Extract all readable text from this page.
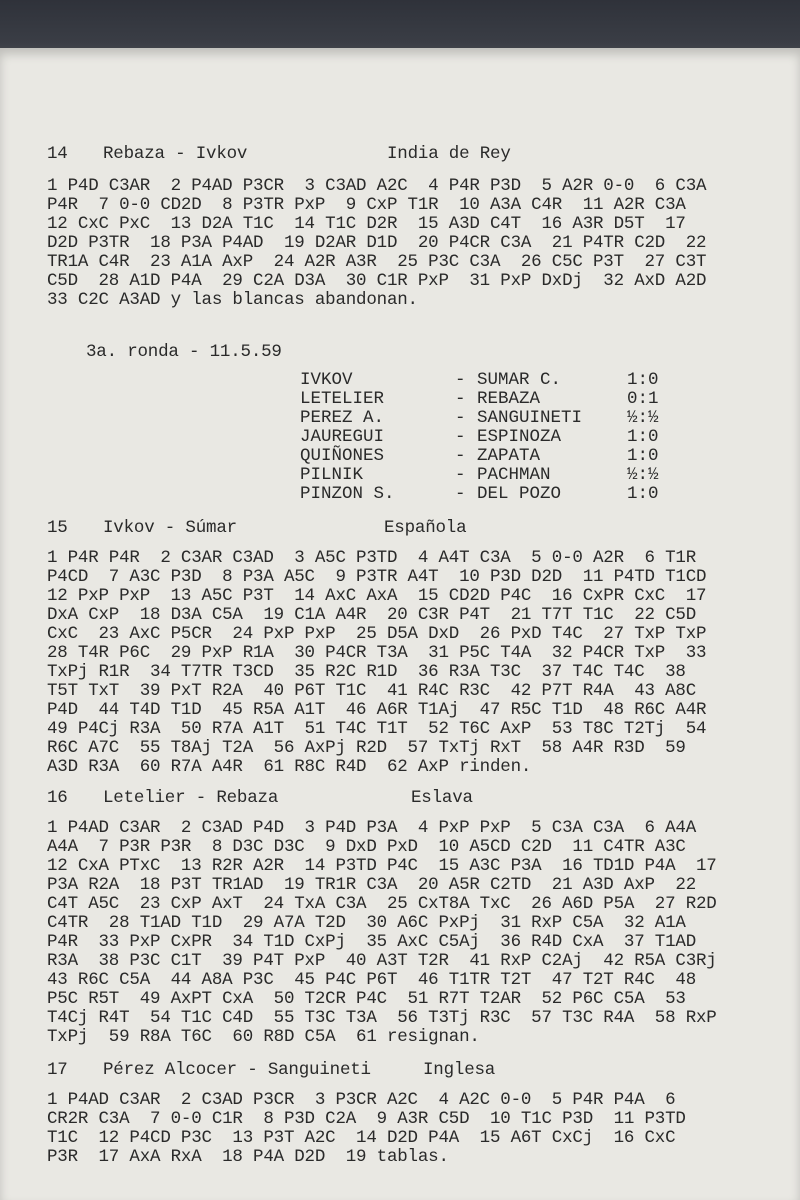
14 Rebaza - Ivkov	India de Rey
1 P4D C3AR  2 P4AD P3CR  3 C3AD A2C  4 P4R P3D  5 A2R 0-0  6 C3A
P4R  7 0-0 CD2D  8 P3TR PxP  9 CxP T1R  10 A3A C4R  11 A2R C3A
12 CxC PxC  13 D2A T1C  14 T1C D2R  15 A3D C4T  16 A3R D5T  17
D2D P3TR  18 P3A P4AD  19 D2AR D1D  20 P4CR C3A  21 P4TR C2D  22
TR1A C4R  23 A1A AxP  24 A2R A3R  25 P3C C3A  26 C5C P3T  27 C3T
C5D  28 A1D P4A  29 C2A D3A  30 C1R PxP  31 PxP DxDj  32 AxD A2D
33 C2C A3AD y las blancas abandonan.
3a. ronda - 11.5.59
IVKOV	- SUMAR C.	1:0
LETELIER	- REBAZA	0:1
PEREZ A.	- SANGUINETI	½:½
JAUREGUI	- ESPINOZA	1:0
QUIÑONES	- ZAPATA	1:0
PILNIK	- PACHMAN	½:½
PINZON S.	- DEL POZO	1:0
15 Ivkov - Súmar	Española
1 P4R P4R  2 C3AR C3AD  3 A5C P3TD  4 A4T C3A  5 0-0 A2R  6 T1R
P4CD  7 A3C P3D  8 P3A A5C  9 P3TR A4T  10 P3D D2D  11 P4TD T1CD
12 PxP PxP  13 A5C P3T  14 AxC AxA  15 CD2D P4C  16 CxPR CxC  17
DxA CxP  18 D3A C5A  19 C1A A4R  20 C3R P4T  21 T7T T1C  22 C5D
CxC  23 AxC P5CR  24 PxP PxP  25 D5A DxD  26 PxD T4C  27 TxP TxP
28 T4R P6C  29 PxP R1A  30 P4CR T3A  31 P5C T4A  32 P4CR TxP  33
TxPj R1R  34 T7TR T3CD  35 R2C R1D  36 R3A T3C  37 T4C T4C  38
T5T TxT  39 PxT R2A  40 P6T T1C  41 R4C R3C  42 P7T R4A  43 A8C
P4D  44 T4D T1D  45 R5A A1T  46 A6R T1Aj  47 R5C T1D  48 R6C A4R
49 P4Cj R3A  50 R7A A1T  51 T4C T1T  52 T6C AxP  53 T8C T2Tj  54
R6C A7C  55 T8Aj T2A  56 AxPj R2D  57 TxTj RxT  58 A4R R3D  59
A3D R3A  60 R7A A4R  61 R8C R4D  62 AxP rinden.
16 Letelier - Rebaza	Eslava
1 P4AD C3AR  2 C3AD P4D  3 P4D P3A  4 PxP PxP  5 C3A C3A  6 A4A
A4A  7 P3R P3R  8 D3C D3C  9 DxD PxD  10 A5CD C2D  11 C4TR A3C
12 CxA PTxC  13 R2R A2R  14 P3TD P4C  15 A3C P3A  16 TD1D P4A  17
P3A R2A  18 P3T TR1AD  19 TR1R C3A  20 A5R C2TD  21 A3D AxP  22
C4T A5C  23 CxP AxT  24 TxA C3A  25 CxT8A TxC  26 A6D P5A  27 R2D
C4TR  28 T1AD T1D  29 A7A T2D  30 A6C PxPj  31 RxP C5A  32 A1A
P4R  33 PxP CxPR  34 T1D CxPj  35 AxC C5Aj  36 R4D CxA  37 T1AD
R3A  38 P3C C1T  39 P4T PxP  40 A3T T2R  41 RxP C2Aj  42 R5A C3Rj
43 R6C C5A  44 A8A P3C  45 P4C P6T  46 T1TR T2T  47 T2T R4C  48
P5C R5T  49 AxPT CxA  50 T2CR P4C  51 R7T T2AR  52 P6C C5A  53
T4Cj R4T  54 T1C C4D  55 T3C T3A  56 T3Tj R3C  57 T3C R4A  58 RxP
TxPj  59 R8A T6C  60 R8D C5A  61 resignan.
17 Pérez Alcocer - Sanguineti	Inglesa
1 P4AD C3AR  2 C3AD P3CR  3 P3CR A2C  4 A2C 0-0  5 P4R P4A  6
CR2R C3A  7 0-0 C1R  8 P3D C2A  9 A3R C5D  10 T1C P3D  11 P3TD
T1C  12 P4CD P3C  13 P3T A2C  14 D2D P4A  15 A6T CxCj  16 CxC
P3R  17 AxA RxA  18 P4A D2D  19 tablas.
